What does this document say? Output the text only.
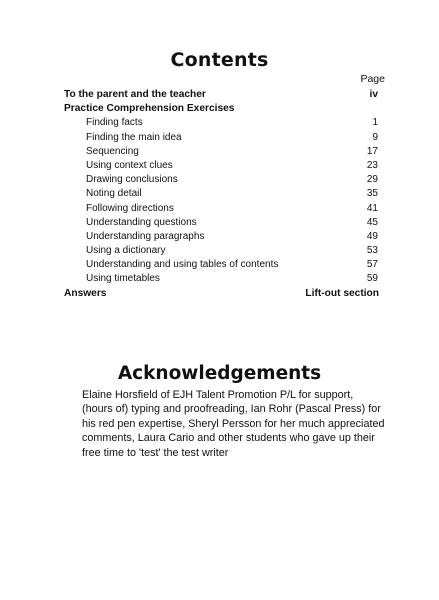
Contents
Page
To the parent and the teacher	iv
Practice Comprehension Exercises
Finding facts	1
Finding the main idea	9
Sequencing	17
Using context clues	23
Drawing conclusions	29
Noting detail	35
Following directions	41
Understanding questions	45
Understanding paragraphs	49
Using a dictionary	53
Understanding and using tables of contents	57
Using timetables	59
Answers	Lift-out section
Acknowledgements
Elaine Horsfield of EJH Talent Promotion P/L for support,
(hours of) typing and proofreading, Ian Rohr (Pascal Press) for
his red pen expertise, Sheryl Persson for her much appreciated
comments, Laura Cario and other students who gave up their
free time to 'test' the test writer
